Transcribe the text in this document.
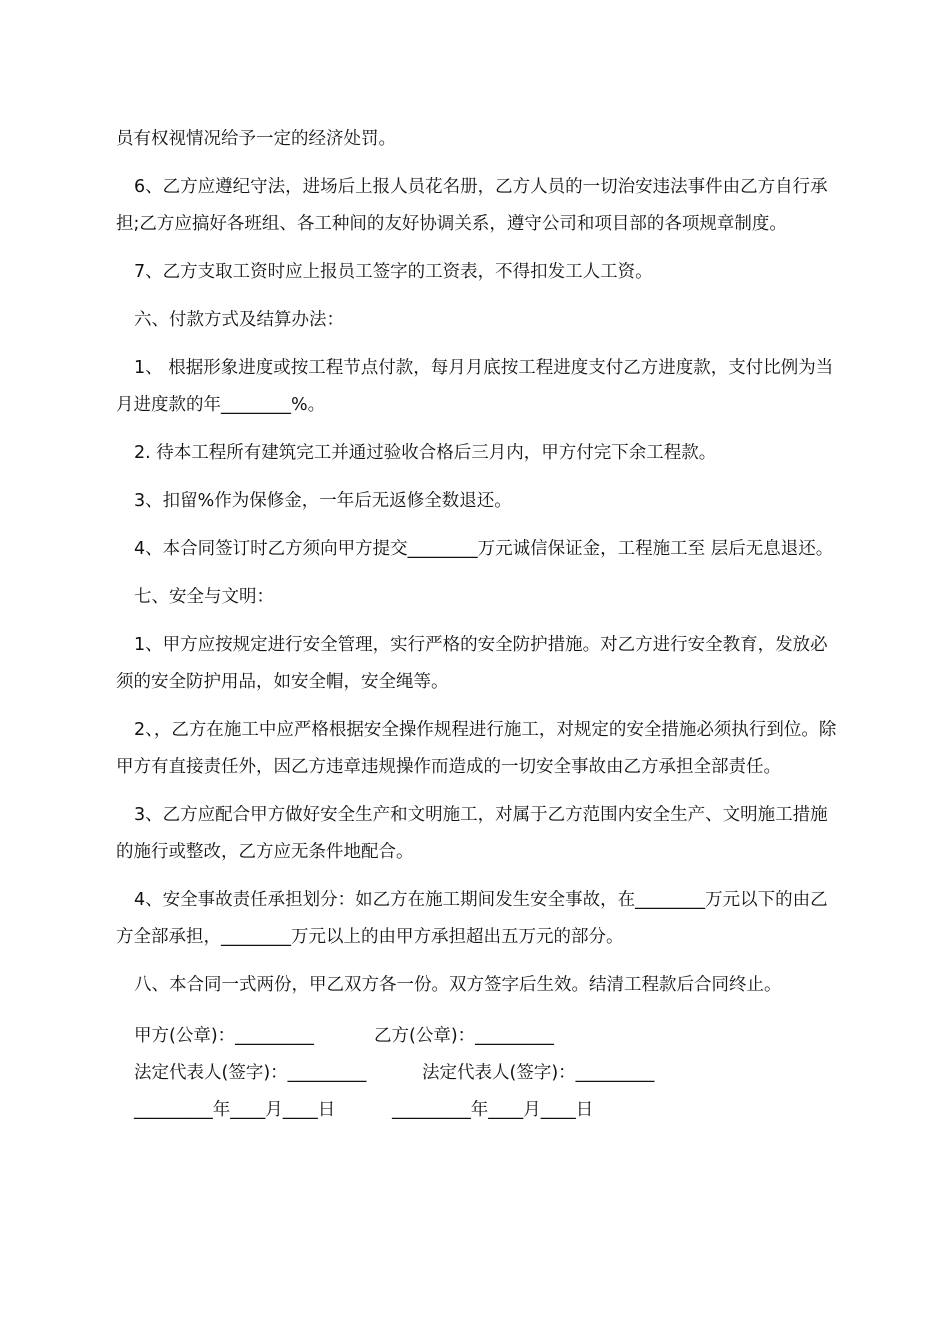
员有权视情况给予一定的经济处罚。

6、乙方应遵纪守法，进场后上报人员花名册，乙方人员的一切治安违法事件由乙方自行承担;乙方应搞好各班组、各工种间的友好协调关系，遵守公司和项目部的各项规章制度。

7、乙方支取工资时应上报员工签字的工资表，不得扣发工人工资。

六、付款方式及结算办法：

1、 根据形象进度或按工程节点付款，每月月底按工程进度支付乙方进度款，支付比例为当月进度款的年________%。

2. 待本工程所有建筑完工并通过验收合格后三月内，甲方付完下余工程款。

3、扣留%作为保修金，一年后无返修全数退还。

4、本合同签订时乙方须向甲方提交________万元诚信保证金，工程施工至 层后无息退还。

七、安全与文明：

1、甲方应按规定进行安全管理，实行严格的安全防护措施。对乙方进行安全教育，发放必须的安全防护用品，如安全帽，安全绳等。

2、，乙方在施工中应严格根据安全操作规程进行施工，对规定的安全措施必须执行到位。除甲方有直接责任外，因乙方违章违规操作而造成的一切安全事故由乙方承担全部责任。

3、乙方应配合甲方做好安全生产和文明施工，对属于乙方范围内安全生产、文明施工措施的施行或整改，乙方应无条件地配合。

4、安全事故责任承担划分：如乙方在施工期间发生安全事故，在________万元以下的由乙方全部承担，________万元以上的由甲方承担超出五万元的部分。

八、本合同一式两份，甲乙双方各一份。双方签字后生效。结清工程款后合同终止。

甲方(公章)：_________	乙方(公章)：_________
法定代表人(签字)：_________	法定代表人(签字)：_________
_________年____月____日	_________年____月____日
